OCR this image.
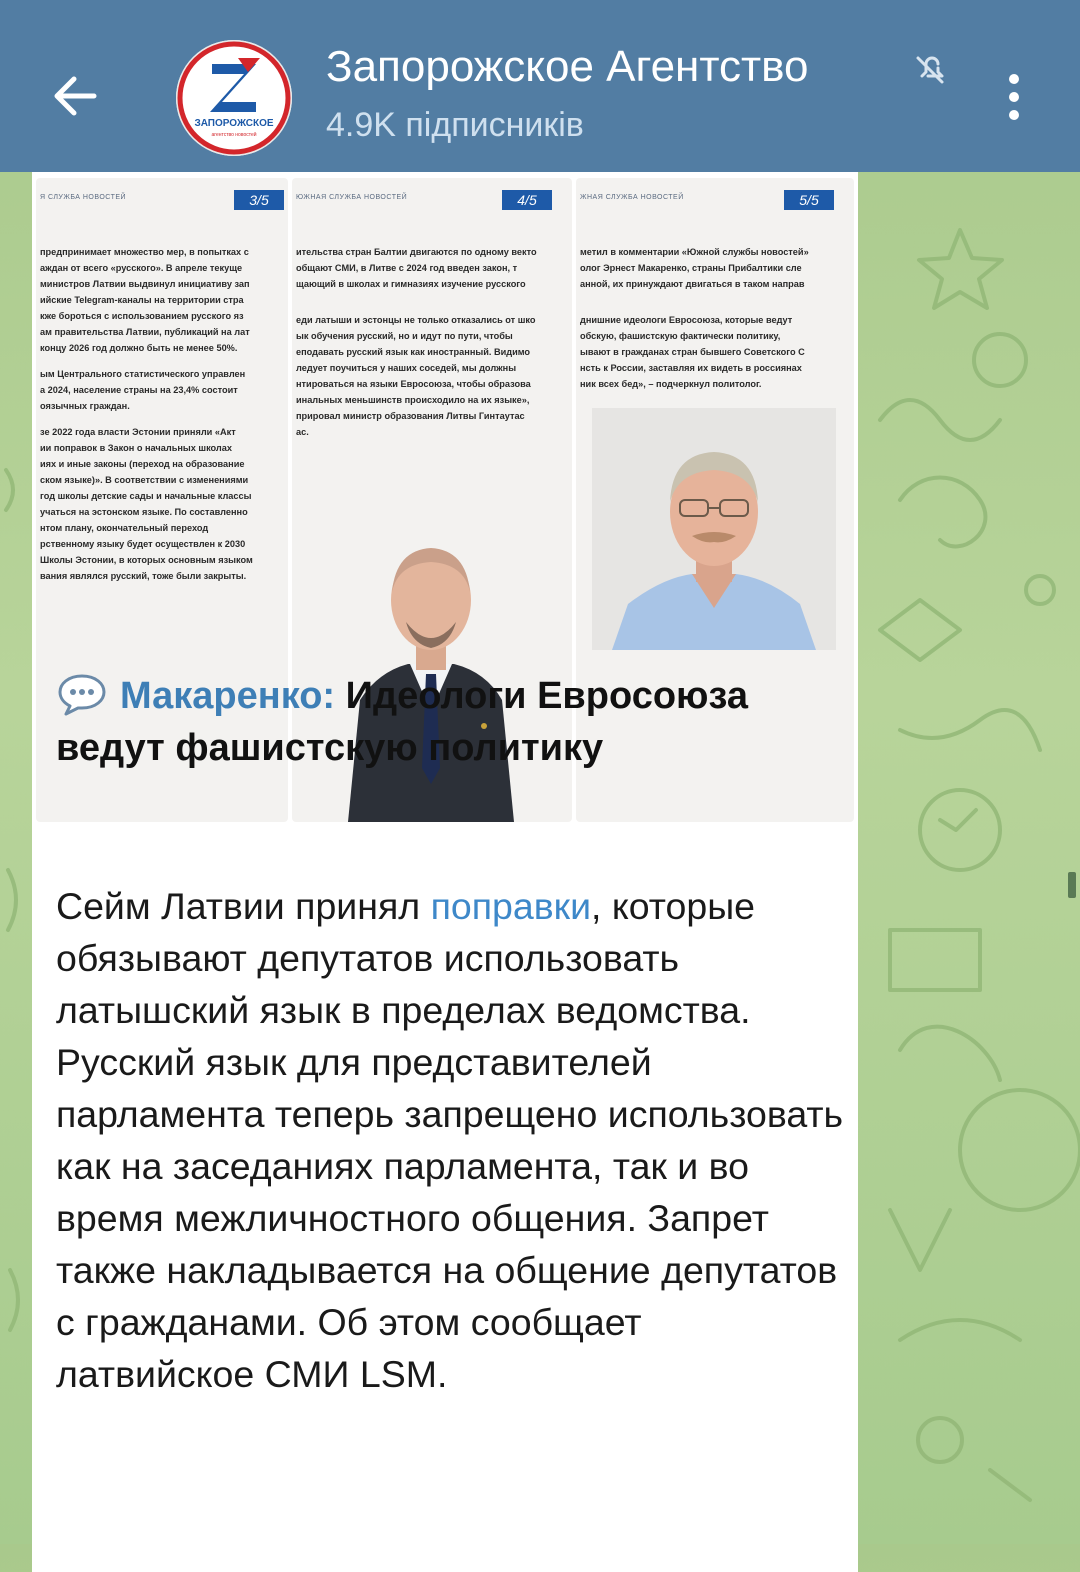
ЗАПОРОЖСКОЕ
агентство новостей
Запорожское Агентство
4.9K підписників
Я СЛУЖБА НОВОСТЕЙ	3/5
предпринимает множество мер, в попытках с
аждан от всего «русского». В апреле текуще
министров Латвии выдвинул инициативу зап
ийские Telegram-каналы на территории стра
кже бороться с использованием русского яз
ам правительства Латвии, публикаций на лат
концу 2026 год должно быть не менее 50%.
ым Центрального статистического управлен
а 2024, население страны на 23,4% состоит
оязычных граждан.
зе 2022 года власти Эстонии приняли «Акт
ии поправок в Закон о начальных школах
иях и иные законы (переход на образование
ском языке)». В соответствии с изменениями
год школы детские сады и начальные классы
учаться на эстонском языке. По составленно
нтом плану, окончательный переход
рственному языку будет осуществлен к 2030
Школы Эстонии, в которых основным языком
вания являлся русский, тоже были закрыты.
ЮЖНАЯ СЛУЖБА НОВОСТЕЙ	4/5
ительства стран Балтии двигаются по одному векто
общают СМИ, в Литве с 2024 год введен закон, т
щающий в школах и гимназиях изучение русского
еди латыши и эстонцы не только отказались от шко
ык обучения русский, но и идут по пути, чтобы
еподавать русский язык как иностранный. Видимо
ледует поучиться у наших соседей, мы должны
нтироваться на языки Евросоюза, чтобы образова
инальных меньшинств происходило на их языке»,
прировал министр образования Литвы Гинтаутас
ас.
ЖНАЯ СЛУЖБА НОВОСТЕЙ	5/5
метил в комментарии «Южной службы новостей»
олог Эрнест Макаренко, страны Прибалтики сле
анной, их принуждают двигаться в таком направ
днишние идеологи Евросоюза, которые ведут
обскую, фашистскую фактически политику,
ывают в гражданах стран бывшего Советского С
нсть к России, заставляя их видеть в россиянах
ник всех бед», – подчеркнул политолог.
Макаренко: Идеологи Евросоюза ведут фашистскую политику
Сейм Латвии принял поправки, которые обязывают депутатов использовать латышский язык в пределах ведомства. Русский язык для представителей парламента теперь запрещено использовать как на заседаниях парламента, так и во время межличностного общения. Запрет также накладывается на общение депутатов с гражданами. Об этом сообщает латвийское СМИ LSM.
